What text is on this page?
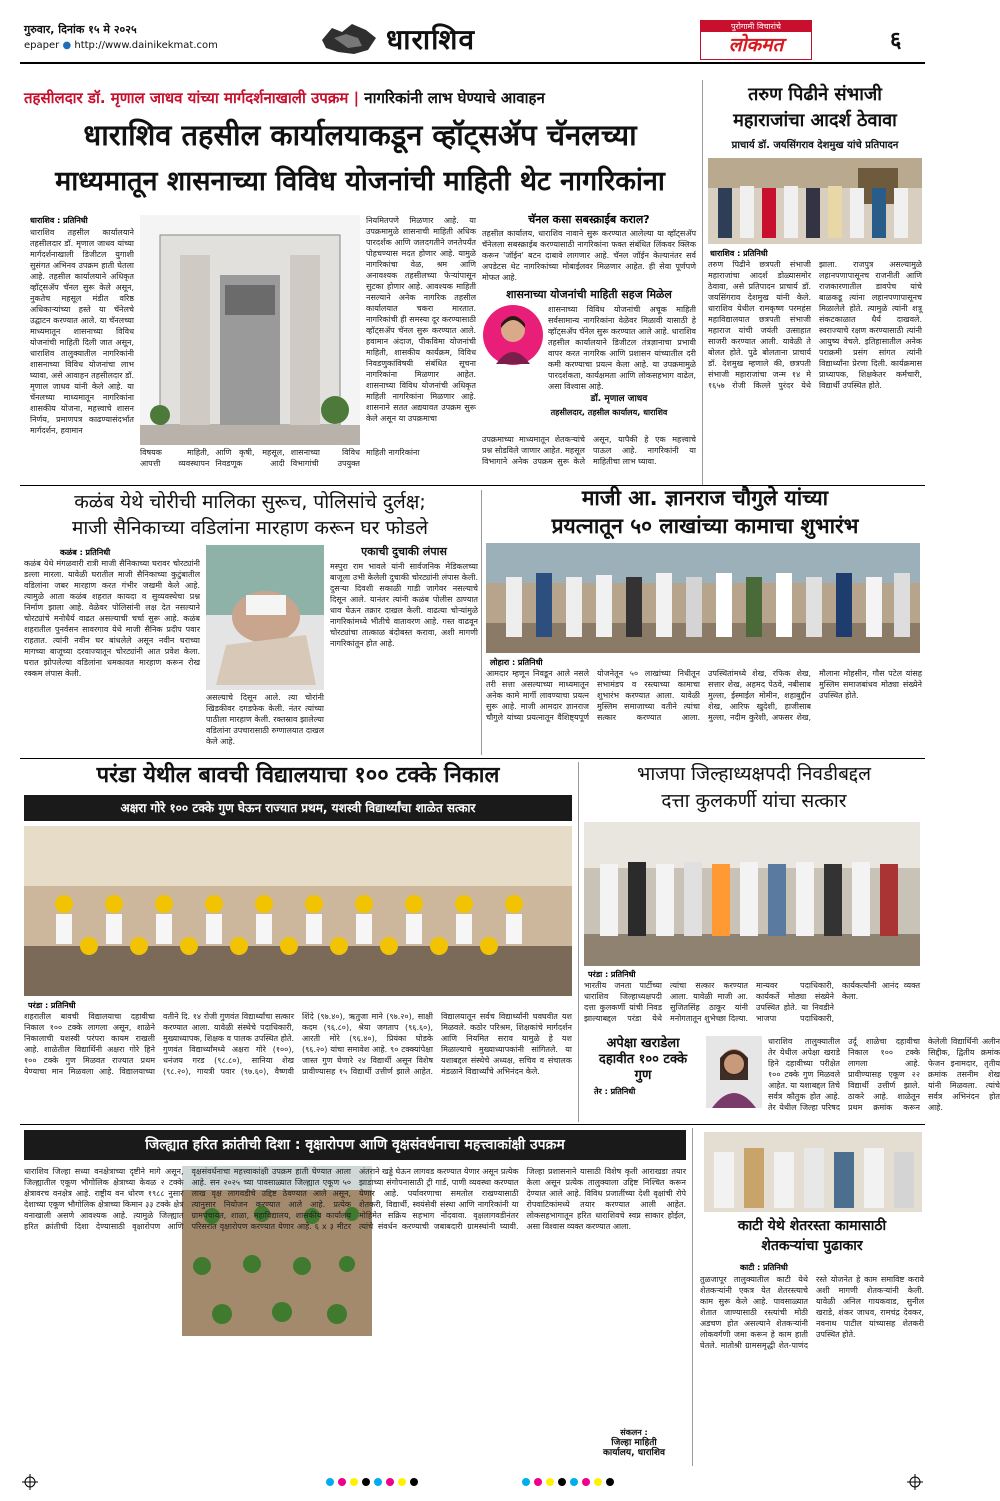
गुरुवार, दिनांक १५ मे २०२५
epaper ● http://www.dainikekmat.com	धाराशिव	पुरोगामी विचारांचे
लोकमत	६
तहसीलदार डॉ. मृणाल जाधव यांच्या मार्गदर्शनाखाली उपक्रम | नागरिकांनी लाभ घेण्याचे आवाहन
धाराशिव तहसील कार्यालयाकडून व्हॉट्सॲप चॅनलच्या
माध्यमातून शासनाच्या विविध योजनांची माहिती थेट नागरिकांना
धाराशिव : प्रतिनिधी
धाराशिव तहसील कार्यालयाने तहसीलदार डॉ. मृणाल जाधव यांच्या मार्गदर्शनाखाली डिजीटल युगाशी सुसंगत अभिनव उपक्रम हाती घेतला आहे. तहसील कार्यालयाने अधिकृत व्हॉट्सॲप चॅनल सुरू केले असून, नुकतेच महसूल मंडीत वरिष्ठ अधिकाऱ्यांच्या हस्ते या चॅनेलचे उद्घाटन करण्यात आले. या चॅनलच्या माध्यमातून शासनाच्या विविध योजनांची माहिती दिली जात असून, धाराशिव तालुक्यातील नागरिकांनी शासनाच्या विविध योजनांचा लाभ घ्यावा, असे आवाहन तहसीलदार डॉ. मृणाल जाधव यांनी केले आहे. या चॅनलच्या माध्यमातून नागरिकांना शासकीय योजना, महत्त्वाचे शासन निर्णय, प्रमाणपत्र काढण्यासंदर्भात मार्गदर्शन, हवामान
विषयक माहिती, आपत्ती व्यवस्थापन आणि कृषी, महसूल, निवडणूक आदी शासनाच्या विविध विभागांची उपयुक्त माहिती नागरिकांना
नियमितपणे मिळणार आहे. या उपक्रमामुळे शासनाची माहिती अधिक पारदर्शक आणि जलदगतीने जनतेपर्यंत पोहचण्यास मदत होणार आहे. यामुळे नागरिकांचा वेळ, श्रम आणि अनावश्यक तहसीलच्या फेऱ्यांपासून सुटका होणार आहे. आवश्यक माहिती नसल्याने अनेक नागरिक तहसील कार्यालयात चकरा मारतात. नागरिकांची ही समस्या दूर करण्यासाठी व्हॉट्सॲप चॅनल सुरू करण्यात आले. हवामान अंदाज, पीकविमा योजनांची माहिती, शासकीय कार्यक्रम, विविध निवडणुकांविषयी संबंधित सूचना नागरिकांना मिळणार आहेत. शासनाच्या विविध योजनांची अधिकृत माहिती नागरिकांना मिळणार आहे. शासनाने सतत अद्ययावत उपक्रम सुरू केले असून या उपक्रमाचा
चॅनल कसा सबस्क्राईब कराल?
तहसील कार्यालय, धाराशिव नावाने सुरू करण्यात आलेल्या या व्हॉट्सॲप चॅनेलला सबस्क्राईब करण्यासाठी नागरिकांना फक्त संबंधित लिंकवर क्लिक करून 'जॉईन' बटन दाबावे लागणार आहे. चॅनल जॉईन केल्यानंतर सर्व अपडेटस थेट नागरिकांच्या मोबाईलवर मिळणार आहेत. ही सेवा पूर्णपणे मोफत आहे.
शासनाच्या योजनांची माहिती सहज मिळेल
शासनाच्या विविध योजनांची अचूक माहिती सर्वसामान्य नागरिकांना वेळेवर मिळावी यासाठी हे व्हॉट्सॲप चॅनेल सुरू करण्यात आले आहे. धाराशिव तहसील कार्यालयाने डिजीटल तंत्रज्ञानाचा प्रभावी वापर करत नागरिक आणि प्रशासन यांच्यातील दरी कमी करण्याचा प्रयत्न केला आहे. या उपक्रमामुळे पारदर्शकता, कार्यक्षमता आणि लोकसहभाग वाढेल, असा विश्वास आहे.
डॉ. मृणाल जाधव
तहसीलदार, तहसील कार्यालय, धाराशिव
उपक्रमाच्या माध्यमातून शेतकऱ्यांचे प्रश्न सोडविले जाणार आहेत. महसूल विभागाने अनेक उपक्रम सुरू केले असून, यापैकी हे एक महत्त्वाचे पाऊल आहे. नागरिकांनी या माहितीचा लाभ घ्यावा.
तरुण पिढीने संभाजी
महाराजांचा आदर्श ठेवावा
प्राचार्य डॉ. जयसिंगराव देशमुख यांचे प्रतिपादन
धाराशिव : प्रतिनिधी
तरुण पिढीने छत्रपती संभाजी महाराजांचा आदर्श डोळ्यासमोर ठेवावा, असे प्रतिपादन प्राचार्य डॉ. जयसिंगराव देशमुख यांनी केले. धाराशिव येथील रामकृष्ण परमहंस महाविद्यालयात छत्रपती संभाजी महाराज यांची जयंती उत्साहात साजरी करण्यात आली. यावेळी ते बोलत होते. पुढे बोलताना प्राचार्य डॉ. देशमुख म्हणाले की, छत्रपती संभाजी महाराजांचा जन्म १४ मे १६५७ रोजी किल्ले पुरंदर येथे झाला. राजपुत्र असल्यामुळे लहानपणापासूनच राजनीती आणि राजकारणातील डावपेच यांचे बाळकडू त्यांना लहानपणापासूनच मिळालेले होते. त्यामुळे त्यांनी शत्रू संकटकाळात धैर्य दाखवले. स्वराज्याचे रक्षण करण्यासाठी त्यांनी आयुष्य वेचले. इतिहासातील अनेक पराक्रमी प्रसंग सांगत त्यांनी विद्यार्थ्यांना प्रेरणा दिली. कार्यक्रमास प्राध्यापक, शिक्षकेतर कर्मचारी, विद्यार्थी उपस्थित होते.
कळंब येथे चोरीची मालिका सुरूच, पोलिसांचे दुर्लक्ष;
माजी सैनिकाच्या वडिलांना मारहाण करून घर फोडले
कळंब : प्रतिनिधी
कळंब येथे मंगळवारी रात्री माजी सैनिकाच्या घरावर चोरट्यांनी डल्ला मारला. यावेळी घरातील माजी सैनिकाच्या कुटुंबातील वडिलांना जबर मारहाण करत गंभीर जखमी केले आहे. त्यामुळे आता कळंब शहरात कायदा व सुव्यवस्थेचा प्रश्न निर्माण झाला आहे. वेळेवर पोलिसांनी लक्ष देत नसल्याने चोरट्यांचे मनोधैर्य वाढत असल्याची चर्चा सुरू आहे. कळंब शहरातील पुनर्वसन सावरगाव येथे माजी सैनिक प्रदीप पवार राहतात. त्यांनी नवीन घर बांधलेले असून नवीन घराच्या मागच्या बाजूच्या दरवाज्यातून चोरट्यांनी आत प्रवेश केला. घरात झोपलेल्या वडिलांना धमकावत मारहाण करून रोख रक्कम लंपास केली.
असल्याचे दिसून आले. त्या चोरांनी खिडकीवर दगडफेक केली. नंतर त्यांच्या पाठीला मारहाण केली. रक्तस्राव झालेल्या वडिलांना उपचारासाठी रुग्णालयात दाखल केले आहे.
एकाची दुचाकी लंपास
मस्पुरा राम भावले यांनी सार्वजनिक मेडिकलच्या बाजूला उभी केलेली दुचाकी चोरट्यांनी लंपास केली. दुसऱ्या दिवशी सकाळी गाडी जागेवर नसल्याचे दिसून आले. यानंतर त्यांनी कळंब पोलीस ठाण्यात धाव घेऊन तक्रार दाखल केली. वाढत्या चोऱ्यांमुळे नागरिकांमध्ये भीतीचे वातावरण आहे. गस्त वाढवून चोरट्यांचा तात्काळ बंदोबस्त करावा, अशी मागणी नागरिकांतून होत आहे.
माजी आ. ज्ञानराज चौगुले यांच्या
प्रयत्नातून ५० लाखांच्या कामाचा शुभारंभ
लोहारा : प्रतिनिधी
आमदार म्हणून निवडून आले नसले तरी सत्ता असल्याच्या माध्यमातून अनेक कामे मार्गी लावण्याचा प्रयत्न सुरू आहे. माजी आमदार ज्ञानराज चौगुले यांच्या प्रयत्नातून वैशिष्ट्यपूर्ण योजनेतून ५० लाखांच्या निधीतून सभामंडप व रस्त्याच्या कामाचा शुभारंभ करण्यात आला. यावेळी मुस्लिम समाजाच्या वतीने त्यांचा सत्कार करण्यात आला. उपस्थितांमध्ये शेख, रफिक शेख, सत्तार शेख, अहमद पेठवे, नबीसाब मुल्ला, ईस्माईल मोमीन, शहाबुद्दीन शेख, आरिफ खुदेशी, हाजीसाब मुल्ला, नदीम कुरेशी, अफसर शेख, मौलाना मोहसीन, गौस पटेल यांसह मुस्लिम समाजबांधव मोठ्या संख्येने उपस्थित होते.
परंडा येथील बावची विद्यालयाचा १०० टक्के निकाल
अक्षरा गोरे १०० टक्के गुण घेऊन राज्यात प्रथम, यशस्वी विद्यार्थ्यांचा शाळेत सत्कार
परंडा : प्रतिनिधी
शहरातील बावची विद्यालयाचा दहावीचा निकाल १०० टक्के लागला असून, शाळेने निकालाची यशस्वी परंपरा कायम राखली आहे. शाळेतील विद्यार्थिनी अक्षरा गोरे हिने १०० टक्के गुण मिळवत राज्यात प्रथम येण्याचा मान मिळवला आहे. विद्यालयाच्या वतीने दि. १४ रोजी गुणवंत विद्यार्थ्यांचा सत्कार करण्यात आला. यावेळी संस्थेचे पदाधिकारी, मुख्याध्यापक, शिक्षक व पालक उपस्थित होते. गुणवंत विद्यार्थ्यांमध्ये अक्षरा गोरे (१००), धनंजय गरड (९८.८०), सानिया शेख (९८.२०), गायत्री पवार (९७.६०), वैष्णवी शिंदे (९७.४०), ऋतुजा माने (९७.२०), साक्षी कदम (९६.८०), श्रेया जगताप (९६.६०), आरती मोरे (९६.४०), प्रियंका घोडके (९६.२०) यांचा समावेश आहे. ९० टक्क्यांपेक्षा जास्त गुण घेणारे २४ विद्यार्थी असून विशेष प्रावीण्यासह १५ विद्यार्थी उत्तीर्ण झाले आहेत. विद्यालयातून सर्वच विद्यार्थ्यांनी घवघवीत यश मिळवले. कठोर परिश्रम, शिक्षकांचे मार्गदर्शन आणि नियमित सराव यामुळे हे यश मिळाल्याचे मुख्याध्यापकांनी सांगितले. या यशाबद्दल संस्थेचे अध्यक्ष, सचिव व संचालक मंडळाने विद्यार्थ्यांचे अभिनंदन केले.
भाजपा जिल्हाध्यक्षपदी निवडीबद्दल
दत्ता कुलकर्णी यांचा सत्कार
परंडा : प्रतिनिधी
भारतीय जनता पार्टीच्या धाराशिव जिल्हाध्यक्षपदी दत्ता कुलकर्णी यांची निवड झाल्याबद्दल परंडा येथे त्यांचा सत्कार करण्यात आला. यावेळी माजी आ. सुजितसिंह ठाकूर यांनी मनोगतातून शुभेच्छा दिल्या. मान्यवर पदाधिकारी, कार्यकर्ते मोठ्या संख्येने उपस्थित होते. या निवडीने भाजपा पदाधिकारी, कार्यकर्त्यांनी आनंद व्यक्त केला.
अपेक्षा खराडेला
दहावीत १०० टक्के
गुण
तेर : प्रतिनिधी
धाराशिव तालुक्यातील तेर येथील अपेक्षा खराडे हिने दहावीच्या परीक्षेत १०० टक्के गुण मिळवले आहेत. या यशाबद्दल तिचे सर्वत्र कौतुक होत आहे. तेर येथील जिल्हा परिषद उर्दू शाळेचा दहावीचा निकाल १०० टक्के लागला आहे. प्रावीण्यासह एकूण २२ विद्यार्थी उत्तीर्ण झाले. ठाकरे आहे. शाळेतून प्रथम क्रमांक करून केलेली विद्यार्थिनी अलीन सिद्दीक, द्वितीय क्रमांक फेजन इनामदार, तृतीय क्रमांक तसनीम शेख यांनी मिळवला. त्यांचे सर्वत्र अभिनंदन होत आहे.
जिल्ह्यात हरित क्रांतीची दिशा : वृक्षारोपण आणि वृक्षसंवर्धनाचा महत्त्वाकांक्षी उपक्रम
धाराशिव जिल्हा सध्या वनक्षेत्राच्या दृष्टीने मागे असून, जिल्ह्यातील एकूण भौगोलिक क्षेत्राच्या केवळ २ टक्के क्षेत्रावरच वनक्षेत्र आहे. राष्ट्रीय वन धोरण १९८८ नुसार देशाच्या एकूण भौगोलिक क्षेत्राच्या किमान ३३ टक्के क्षेत्र वनाखाली असणे आवश्यक आहे. त्यामुळे जिल्ह्यात हरित क्रांतीची दिशा देण्यासाठी वृक्षारोपण आणि वृक्षसंवर्धनाचा महत्त्वाकांक्षी उपक्रम हाती घेण्यात आला आहे. सन २०२५ च्या पावसाळ्यात जिल्ह्यात एकूण ५० लाख वृक्ष लागवडीचे उद्दिष्ट ठेवण्यात आले असून, त्यानुसार नियोजन करण्यात आले आहे. प्रत्येक ग्रामपंचायत, शाळा, महाविद्यालय, शासकीय कार्यालय परिसरात वृक्षारोपण करण्यात येणार आहे. ६ x ३ मीटर अंतराने खड्डे घेऊन लागवड करण्यात येणार असून प्रत्येक झाडाच्या संगोपनासाठी ट्री गार्ड, पाणी व्यवस्था करण्यात येणार आहे. पर्यावरणाचा समतोल राखण्यासाठी शेतकरी, विद्यार्थी, स्वयंसेवी संस्था आणि नागरिकांनी या मोहिमेत सक्रिय सहभाग नोंदवावा. वृक्षलागवडीनंतर त्यांचे संवर्धन करण्याची जबाबदारी ग्रामस्थांनी घ्यावी. जिल्हा प्रशासनाने यासाठी विशेष कृती आराखडा तयार केला असून प्रत्येक तालुक्याला उद्दिष्ट निश्चित करून देण्यात आले आहे. विविध प्रजातींच्या देशी वृक्षांची रोपे रोपवाटिकांमध्ये तयार करण्यात आली आहेत. लोकसहभागातून हरित धाराशिवचे स्वप्न साकार होईल, असा विश्वास व्यक्त करण्यात आला.
संकलन :
जिल्हा माहिती
कार्यालय, धाराशिव
काटी येथे शेतरस्ता कामासाठी
शेतकऱ्यांचा पुढाकार
काटी : प्रतिनिधी
तुळजापूर तालुक्यातील काटी येथे शेतकऱ्यांनी एकत्र येत शेतरस्त्याचे काम सुरू केले आहे. पावसाळ्यात शेतात जाण्यासाठी रस्त्यांची मोठी अडचण होत असल्याने शेतकऱ्यांनी लोकवर्गणी जमा करून हे काम हाती घेतले. मातोश्री ग्रामसमृद्धी शेत-पाणंद रस्ते योजनेत हे काम समाविष्ट करावे अशी मागणी शेतकऱ्यांनी केली. यावेळी अनिल गायकवाड, सुनील खराडे, शंकर जाधव, रामचंद्र देवकर, नवनाथ पाटील यांच्यासह शेतकरी उपस्थित होते.
